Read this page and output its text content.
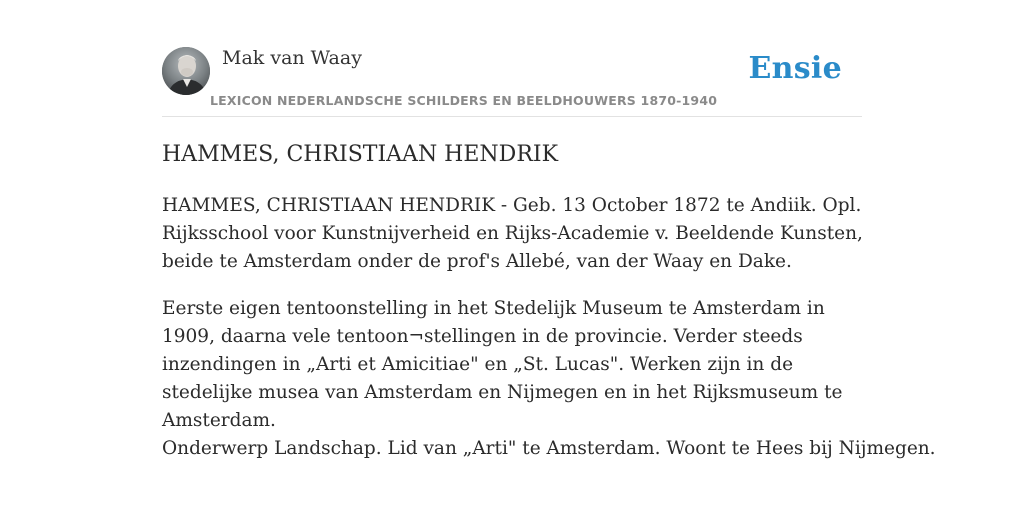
Mak van Waay
LEXICON NEDERLANDSCHE SCHILDERS EN BEELDHOUWERS 1870-1940
Ensie
HAMMES, CHRISTIAAN HENDRIK

HAMMES, CHRISTIAAN HENDRIK - Geb. 13 October 1872 te Andiik. Opl. Rijksschool voor Kunstnijverheid en Rijks-Academie v. Beeldende Kunsten, beide te Amsterdam onder de prof's Allebé, van der Waay en Dake.

Eerste eigen tentoonstelling in het Stedelijk Museum te Amsterdam in 1909, daarna vele tentoon¬stellingen in de provincie. Verder steeds inzendingen in „Arti et Amicitiae" en „St. Lucas". Werken zijn in de stedelijke musea van Amsterdam en Nijmegen en in het Rijksmuseum te Amsterdam.

Onderwerp Landschap. Lid van „Arti" te Amsterdam. Woont te Hees bij Nijmegen.
